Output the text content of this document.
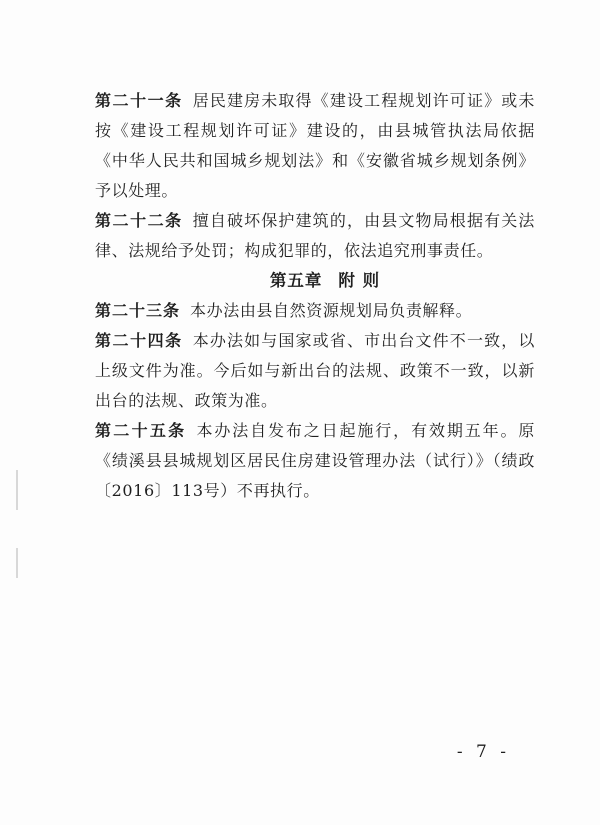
第二十一条 居民建房未取得《建设工程规划许可证》或未按《建设工程规划许可证》建设的，由县城管执法局依据《中华人民共和国城乡规划法》和《安徽省城乡规划条例》予以处理。

第二十二条 擅自破坏保护建筑的，由县文物局根据有关法律、法规给予处罚；构成犯罪的，依法追究刑事责任。

第五章 附 则

第二十三条 本办法由县自然资源规划局负责解释。

第二十四条 本办法如与国家或省、市出台文件不一致，以上级文件为准。今后如与新出台的法规、政策不一致，以新出台的法规、政策为准。

第二十五条 本办法自发布之日起施行，有效期五年。原《绩溪县县城规划区居民住房建设管理办法（试行）》（绩政〔2016〕113号）不再执行。

- 7 -
